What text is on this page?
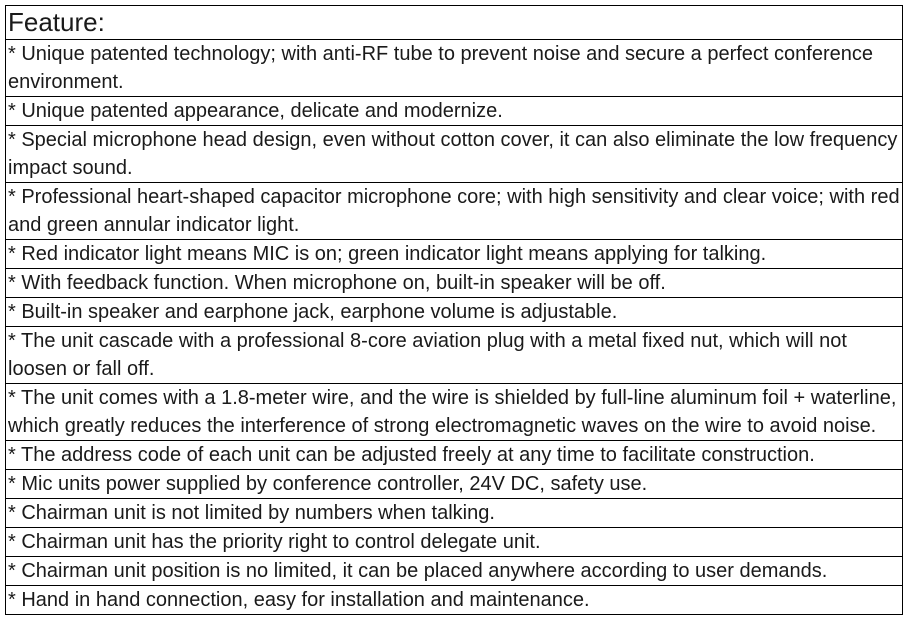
Feature:
* Unique patented technology; with anti-RF tube to prevent noise and secure a perfect conference environment.
* Unique patented appearance, delicate and modernize.
* Special microphone head design, even without cotton cover, it can also eliminate the low frequency impact sound.
* Professional heart-shaped capacitor microphone core; with high sensitivity and clear voice; with red and green annular indicator light.
* Red indicator light means MIC is on; green indicator light means applying for talking.
* With feedback function. When microphone on, built-in speaker will be off.
* Built-in speaker and earphone jack, earphone volume is adjustable.
* The unit cascade with a professional 8-core aviation plug with a metal fixed nut, which will not loosen or fall off.
* The unit comes with a 1.8-meter wire, and the wire is shielded by full-line aluminum foil + waterline, which greatly reduces the interference of strong electromagnetic waves on the wire to avoid noise.
* The address code of each unit can be adjusted freely at any time to facilitate construction.
* Mic units power supplied by conference controller, 24V DC, safety use.
* Chairman unit is not limited by numbers when talking.
* Chairman unit has the priority right to control delegate unit.
* Chairman unit position is no limited, it can be placed anywhere according to user demands.
* Hand in hand connection, easy for installation and maintenance.
